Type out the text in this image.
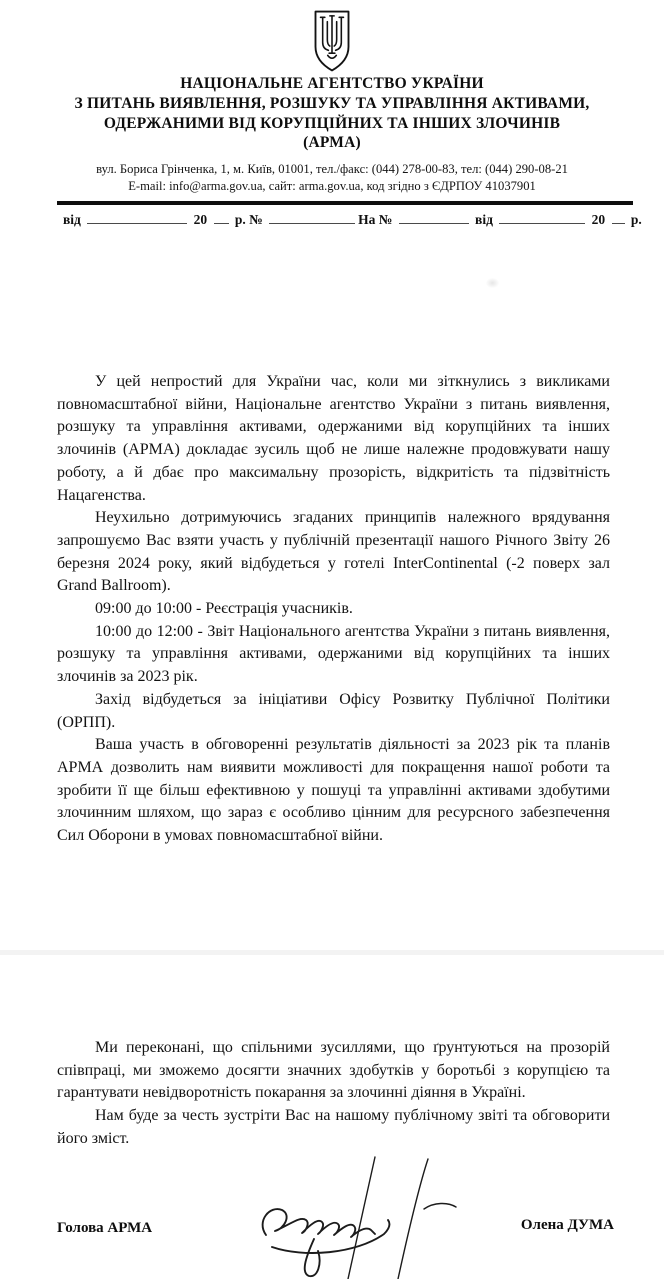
НАЦІОНАЛЬНЕ АГЕНТСТВО УКРАЇНИ
З ПИТАНЬ ВИЯВЛЕННЯ, РОЗШУКУ ТА УПРАВЛІННЯ АКТИВАМИ,
ОДЕРЖАНИМИ ВІД КОРУПЦІЙНИХ ТА ІНШИХ ЗЛОЧИНІВ
(АРМА)
вул. Бориса Грінченка, 1, м. Київ, 01001, тел./факс: (044) 278-00-83, тел: (044) 290-08-21
E-mail: info@arma.gov.ua, сайт: arma.gov.ua, код згідно з ЄДРПОУ 41037901
від	20 р. №	На №	від	20 р.

У цей непростий для України час, коли ми зіткнулись з викликами повномасштабної війни, Національне агентство України з питань виявлення, розшуку та управління активами, одержаними від корупційних та інших злочинів (АРМА) докладає зусиль щоб не лише належне продовжувати нашу роботу, а й дбає про максимальну прозорість, відкритість та підзвітність Нацагенства.

Неухильно дотримуючись згаданих принципів належного врядування запрошуємо Вас взяти участь у публічній презентації нашого Річного Звіту 26 березня 2024 року, який відбудеться у готелі InterContinental (-2 поверх зал Grand Ballroom).

09:00 до 10:00 - Реєстрація учасників.

10:00 до 12:00 - Звіт Національного агентства України з питань виявлення, розшуку та управління активами, одержаними від корупційних та інших злочинів за 2023 рік.

Захід відбудеться за ініціативи Офісу Розвитку Публічної Політики (ОРПП).

Ваша участь в обговоренні результатів діяльності за 2023 рік та планів АРМА дозволить нам виявити можливості для покращення нашої роботи та зробити її ще більш ефективною у пошуці та управлінні активами здобутими злочинним шляхом, що зараз є особливо цінним для ресурсного забезпечення Сил Оборони в умовах повномасштабної війни.

Ми переконані, що спільними зусиллями, що ґрунтуються на прозорій співпраці, ми зможемо досягти значних здобутків у боротьбі з корупцією та гарантувати невідворотність покарання за злочинні діяння в Україні.

Нам буде за честь зустріти Вас на нашому публічному звіті та обговорити його зміст.

Голова АРМА	Олена ДУМА
